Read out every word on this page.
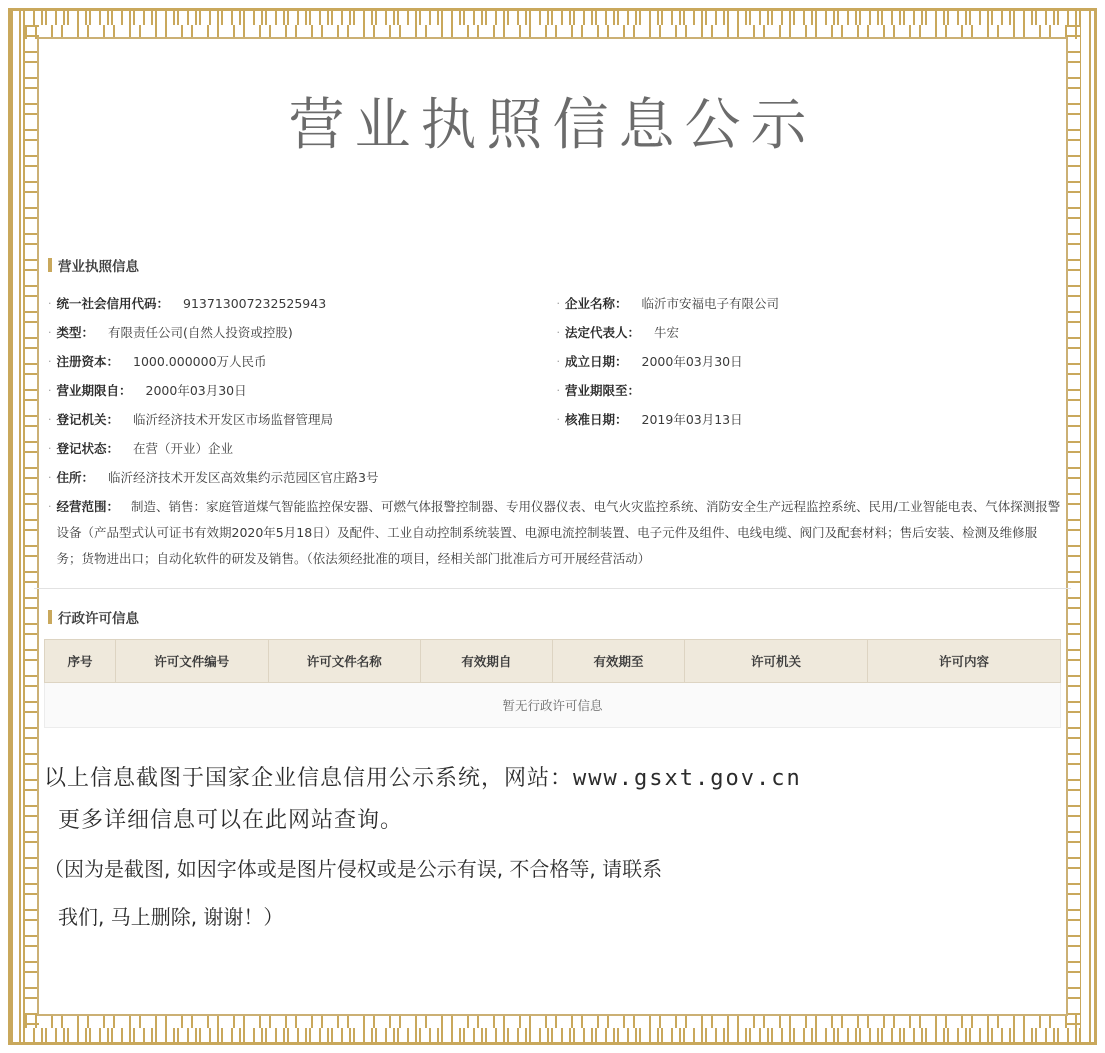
营业执照信息公示
营业执照信息
· 统一社会信用代码： 913713007232525943	· 企业名称： 临沂市安福电子有限公司
· 类型： 有限责任公司(自然人投资或控股)	· 法定代表人： 牛宏
· 注册资本： 1000.000000万人民币	· 成立日期： 2000年03月30日
· 营业期限自： 2000年03月30日	· 营业期限至：
· 登记机关： 临沂经济技术开发区市场监督管理局	· 核准日期： 2019年03月13日
· 登记状态： 在营（开业）企业
· 住所： 临沂经济技术开发区高效集约示范园区官庄路3号
· 经营范围： 制造、销售：家庭管道煤气智能监控保安器、可燃气体报警控制器、专用仪器仪表、电气火灾监控系统、消防安全生产远程监控系统、民用/工业智能电表、气体探测报警设备（产品型式认可证书有效期2020年5月18日）及配件、工业自动控制系统装置、电源电流控制装置、电子元件及组件、电线电缆、阀门及配套材料；售后安装、检测及维修服务；货物进出口；自动化软件的研发及销售。（依法须经批准的项目，经相关部门批准后方可开展经营活动）
行政许可信息
序号	许可文件编号	许可文件名称	有效期自	有效期至	许可机关	许可内容
暂无行政许可信息
以上信息截图于国家企业信息信用公示系统，网站：www.gsxt.gov.cn
更多详细信息可以在此网站查询。
（因为是截图, 如因字体或是图片侵权或是公示有误, 不合格等, 请联系
我们, 马上删除, 谢谢！）
